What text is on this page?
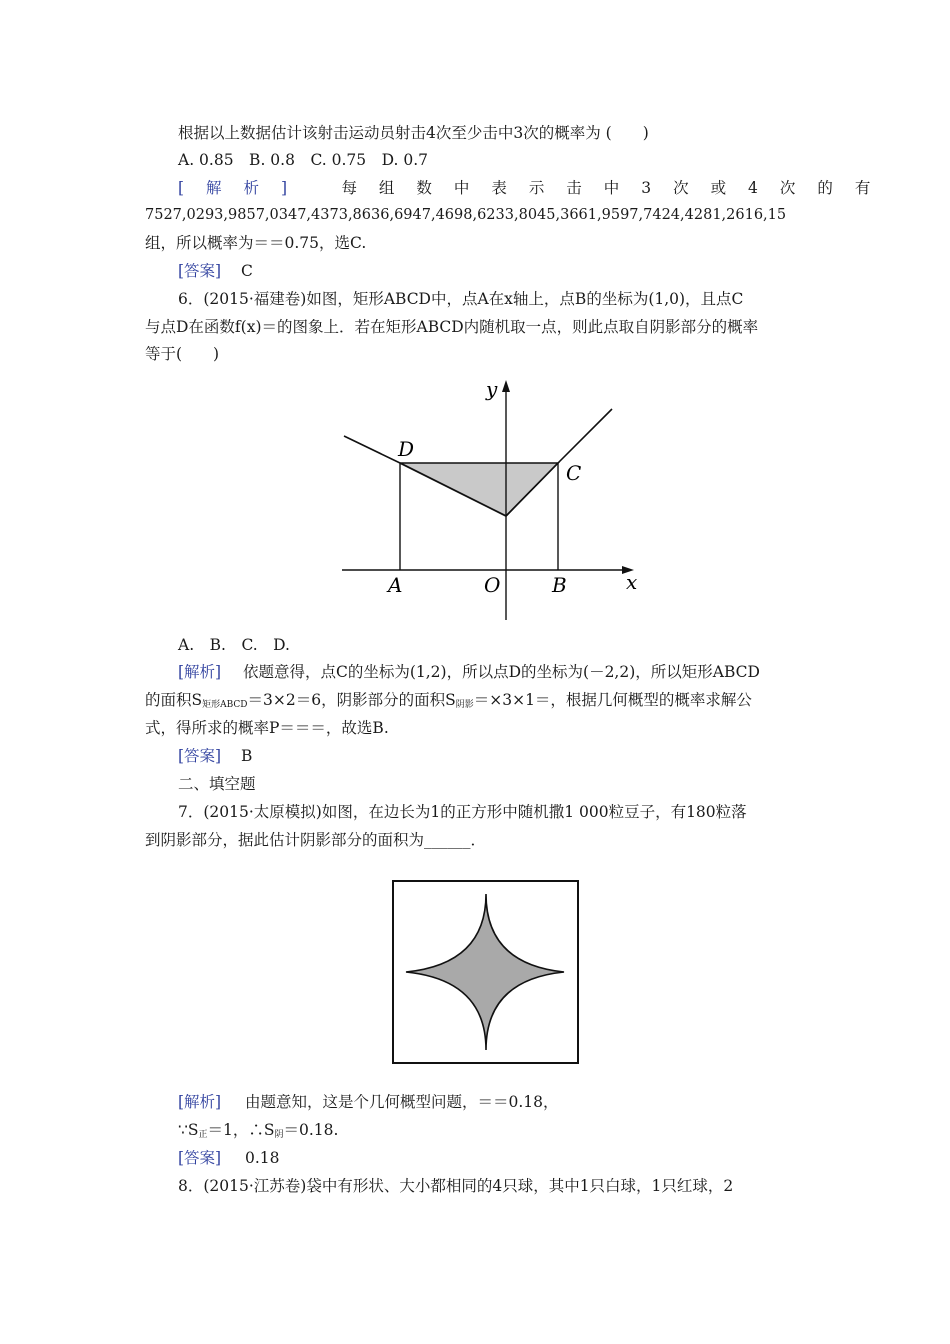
根据以上数据估计该射击运动员射击4次至少击中3次的概率为 (　　)
A. 0.85　B. 0.8　C. 0.75　D. 0.7
[ 解 析 ]	每 组 数 中 表 示 击 中 3 次 或 4 次 的 有
7527,0293,9857,0347,4373,8636,6947,4698,6233,8045,3661,9597,7424,4281,2616,15
组，所以概率为＝＝0.75，选C.
[答案] C
6．(2015·福建卷)如图，矩形ABCD中，点A在x轴上，点B的坐标为(1,0)，且点C
与点D在函数f(x)＝的图象上．若在矩形ABCD内随机取一点，则此点取自阴影部分的概率
等于(　　)
y
x
D
C
A	O	B
A.　B.　C.　D.
[解析] 依题意得，点C的坐标为(1,2)，所以点D的坐标为(－2,2)，所以矩形ABCD
的面积$S_{矩形ABCD}=3\times 2=6$，阴影部分的面积$S_{阴影}=\times 3\times 1=$，根据几何概型的概率求解公
式，得所求的概率P＝＝＝，故选B.
[答案] B
二、填空题
7．(2015·太原模拟)如图，在边长为1的正方形中随机撒1 000粒豆子，有180粒落
到阴影部分，据此估计阴影部分的面积为______．
[解析] 由题意知，这是个几何概型问题，＝＝0.18，
$\because S_正=1$，$\therefore S_阴=0.18$.
[答案] 0.18
8．(2015·江苏卷)袋中有形状、大小都相同的4只球，其中1只白球，1只红球，2
